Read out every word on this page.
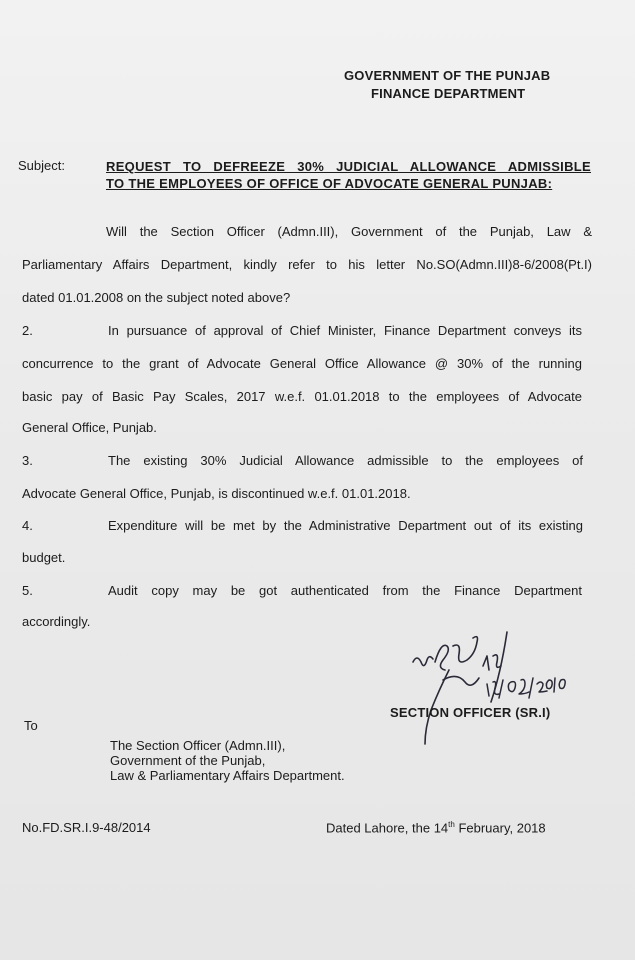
GOVERNMENT OF THE PUNJAB
FINANCE DEPARTMENT
Subject:	REQUEST TO DEFREEZE 30% JUDICIAL ALLOWANCE ADMISSIBLE
TO THE EMPLOYEES OF OFFICE OF ADVOCATE GENERAL PUNJAB:
Will the Section Officer (Admn.III), Government of the Punjab, Law &
Parliamentary Affairs Department, kindly refer to his letter No.SO(Admn.III)8-6/2008(Pt.I)
dated 01.01.2008 on the subject noted above?
2.	In pursuance of approval of Chief Minister, Finance Department conveys its
concurrence to the grant of Advocate General Office Allowance @ 30% of the running
basic pay of Basic Pay Scales, 2017 w.e.f. 01.01.2018 to the employees of Advocate
General Office, Punjab.
3.	The existing 30% Judicial Allowance admissible to the employees of
Advocate General Office, Punjab, is discontinued w.e.f. 01.01.2018.
4.	Expenditure will be met by the Administrative Department out of its existing
budget.
5.	Audit copy may be got authenticated from the Finance Department
accordingly.
SECTION OFFICER (SR.I)
To
The Section Officer (Admn.III),
Government of the Punjab,
Law & Parliamentary Affairs Department.
No.FD.SR.I.9-48/2014	Dated Lahore, the 14th February, 2018
